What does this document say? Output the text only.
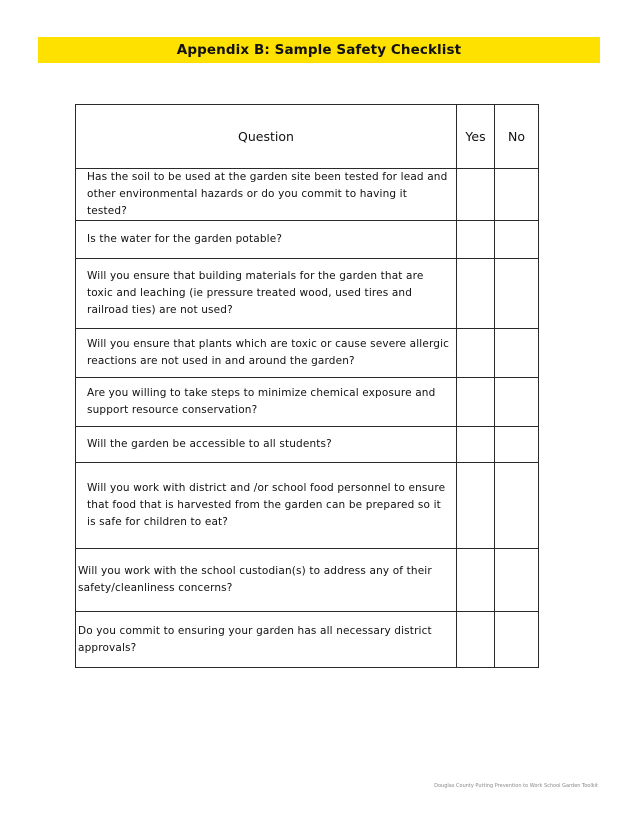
Appendix B: Sample Safety Checklist
Question	Yes	No

Has the soil to be used at the garden site been tested for lead and other environmental hazards or do you commit to having it tested?		

Is the water for the garden potable?		

Will you ensure that building materials for the garden that are toxic and leaching (ie pressure treated wood, used tires and railroad ties) are not used?		

Will you ensure that plants which are toxic or cause severe allergic reactions are not used in and around the garden?		

Are you willing to take steps to minimize chemical exposure and support resource conservation?		

Will the garden be accessible to all students?		

Will you work with district and /or school food personnel to ensure that food that is harvested from the garden can be prepared so it is safe for children to eat?		

Will you work with the school custodian(s) to address any of their safety/cleanliness concerns?		

Do you commit to ensuring your garden has all necessary district approvals?		

Douglas County Putting Prevention to Work School Garden Toolkit
